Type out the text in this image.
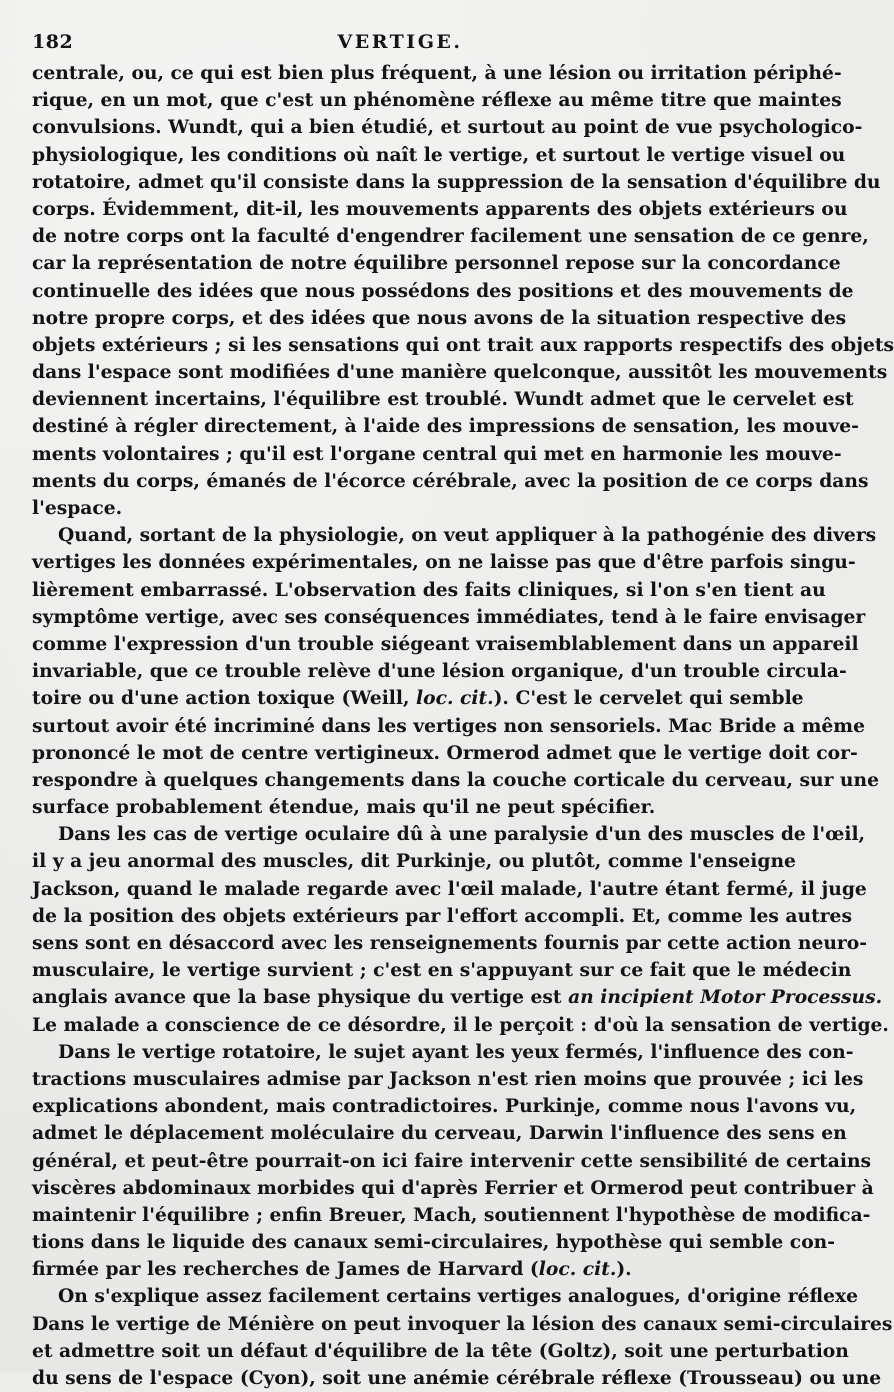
182	VERTIGE.
centrale, ou, ce qui est bien plus fréquent, à une lésion ou irritation périphé-
rique, en un mot, que c'est un phénomène réflexe au même titre que maintes
convulsions. Wundt, qui a bien étudié, et surtout au point de vue psychologico-
physiologique, les conditions où naît le vertige, et surtout le vertige visuel ou
rotatoire, admet qu'il consiste dans la suppression de la sensation d'équilibre du
corps. Évidemment, dit-il, les mouvements apparents des objets extérieurs ou
de notre corps ont la faculté d'engendrer facilement une sensation de ce genre,
car la représentation de notre équilibre personnel repose sur la concordance
continuelle des idées que nous possédons des positions et des mouvements de
notre propre corps, et des idées que nous avons de la situation respective des
objets extérieurs ; si les sensations qui ont trait aux rapports respectifs des objets
dans l'espace sont modifiées d'une manière quelconque, aussitôt les mouvements
deviennent incertains, l'équilibre est troublé. Wundt admet que le cervelet est
destiné à régler directement, à l'aide des impressions de sensation, les mouve-
ments volontaires ; qu'il est l'organe central qui met en harmonie les mouve-
ments du corps, émanés de l'écorce cérébrale, avec la position de ce corps dans
l'espace.
Quand, sortant de la physiologie, on veut appliquer à la pathogénie des divers
vertiges les données expérimentales, on ne laisse pas que d'être parfois singu-
lièrement embarrassé. L'observation des faits cliniques, si l'on s'en tient au
symptôme vertige, avec ses conséquences immédiates, tend à le faire envisager
comme l'expression d'un trouble siégeant vraisemblablement dans un appareil
invariable, que ce trouble relève d'une lésion organique, d'un trouble circula-
toire ou d'une action toxique (Weill, loc. cit.). C'est le cervelet qui semble
surtout avoir été incriminé dans les vertiges non sensoriels. Mac Bride a même
prononcé le mot de centre vertigineux. Ormerod admet que le vertige doit cor-
respondre à quelques changements dans la couche corticale du cerveau, sur une
surface probablement étendue, mais qu'il ne peut spécifier.
Dans les cas de vertige oculaire dû à une paralysie d'un des muscles de l'œil,
il y a jeu anormal des muscles, dit Purkinje, ou plutôt, comme l'enseigne
Jackson, quand le malade regarde avec l'œil malade, l'autre étant fermé, il juge
de la position des objets extérieurs par l'effort accompli. Et, comme les autres
sens sont en désaccord avec les renseignements fournis par cette action neuro-
musculaire, le vertige survient ; c'est en s'appuyant sur ce fait que le médecin
anglais avance que la base physique du vertige est an incipient Motor Processus.
Le malade a conscience de ce désordre, il le perçoit : d'où la sensation de vertige.
Dans le vertige rotatoire, le sujet ayant les yeux fermés, l'influence des con-
tractions musculaires admise par Jackson n'est rien moins que prouvée ; ici les
explications abondent, mais contradictoires. Purkinje, comme nous l'avons vu,
admet le déplacement moléculaire du cerveau, Darwin l'influence des sens en
général, et peut-être pourrait-on ici faire intervenir cette sensibilité de certains
viscères abdominaux morbides qui d'après Ferrier et Ormerod peut contribuer à
maintenir l'équilibre ; enfin Breuer, Mach, soutiennent l'hypothèse de modifica-
tions dans le liquide des canaux semi-circulaires, hypothèse qui semble con-
firmée par les recherches de James de Harvard (loc. cit.).
On s'explique assez facilement certains vertiges analogues, d'origine réflexe
Dans le vertige de Ménière on peut invoquer la lésion des canaux semi-circulaires
et admettre soit un défaut d'équilibre de la tête (Goltz), soit une perturbation
du sens de l'espace (Cyon), soit une anémie cérébrale réflexe (Trousseau) ou une
